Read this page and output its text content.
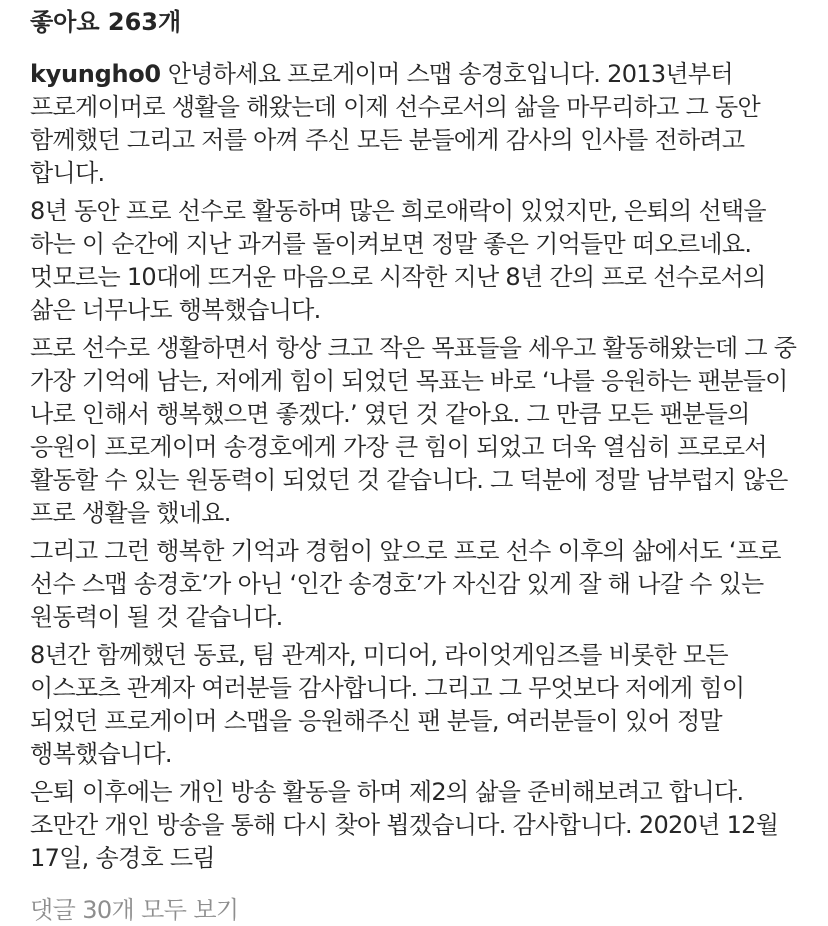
좋아요 263개
kyungho0 안녕하세요 프로게이머 스맵 송경호입니다. 2013년부터 프로게이머로 생활을 해왔는데 이제 선수로서의 삶을 마무리하고 그 동안 함께했던 그리고 저를 아껴 주신 모든 분들에게 감사의 인사를 전하려고 합니다.
8년 동안 프로 선수로 활동하며 많은 희로애락이 있었지만, 은퇴의 선택을 하는 이 순간에 지난 과거를 돌이켜보면 정말 좋은 기억들만 떠오르네요. 멋모르는 10대에 뜨거운 마음으로 시작한 지난 8년 간의 프로 선수로서의 삶은 너무나도 행복했습니다.
프로 선수로 생활하면서 항상 크고 작은 목표들을 세우고 활동해왔는데 그 중 가장 기억에 남는, 저에게 힘이 되었던 목표는 바로 ‘나를 응원하는 팬분들이 나로 인해서 행복했으면 좋겠다.’ 였던 것 같아요. 그 만큼 모든 팬분들의 응원이 프로게이머 송경호에게 가장 큰 힘이 되었고 더욱 열심히 프로로서 활동할 수 있는 원동력이 되었던 것 같습니다. 그 덕분에 정말 남부럽지 않은 프로 생활을 했네요.
그리고 그런 행복한 기억과 경험이 앞으로 프로 선수 이후의 삶에서도 ‘프로 선수 스맵 송경호’가 아닌 ‘인간 송경호’가 자신감 있게 잘 해 나갈 수 있는 원동력이 될 것 같습니다.
8년간 함께했던 동료, 팀 관계자, 미디어, 라이엇게임즈를 비롯한 모든 이스포츠 관계자 여러분들 감사합니다. 그리고 그 무엇보다 저에게 힘이 되었던 프로게이머 스맵을 응원해주신 팬 분들, 여러분들이 있어 정말 행복했습니다.
은퇴 이후에는 개인 방송 활동을 하며 제2의 삶을 준비해보려고 합니다. 조만간 개인 방송을 통해 다시 찾아 뵙겠습니다. 감사합니다. 2020년 12월 17일, 송경호 드림
댓글 30개 모두 보기
